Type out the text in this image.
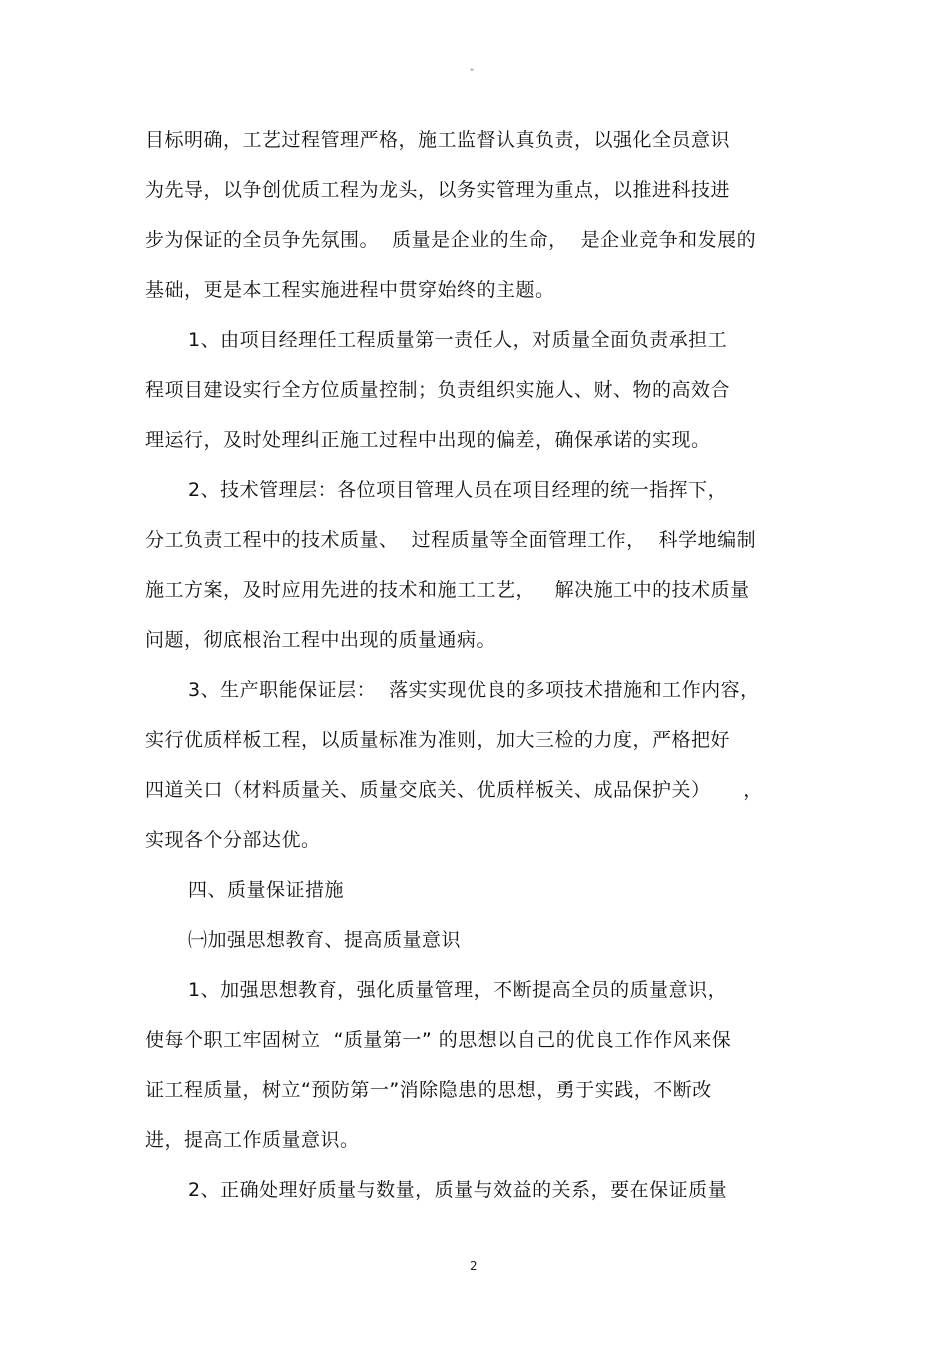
"
目标明确，工艺过程管理严格，施工监督认真负责，以强化全员意识
为先导，以争创优质工程为龙头，以务实管理为重点，以推进科技进
步为保证的全员争先氛围。  质量是企业的生命，  是企业竞争和发展的
基础，更是本工程实施进程中贯穿始终的主题。
1、由项目经理任工程质量第一责任人，对质量全面负责承担工
程项目建设实行全方位质量控制；负责组织实施人、财、物的高效合
理运行，及时处理纠正施工过程中出现的偏差，确保承诺的实现。
2、技术管理层：各位项目管理人员在项目经理的统一指挥下，
分工负责工程中的技术质量、  过程质量等全面管理工作，  科学地编制
施工方案，及时应用先进的技术和施工工艺，   解决施工中的技术质量
问题，彻底根治工程中出现的质量通病。
3、生产职能保证层：  落实实现优良的多项技术措施和工作内容，
实行优质样板工程，以质量标准为准则，加大三检的力度，严格把好
四道关口（材料质量关、质量交底关、优质样板关、成品保护关）     ，
实现各个分部达优。
四、质量保证措施
㈠加强思想教育、提高质量意识
1、加强思想教育，强化质量管理，不断提高全员的质量意识，
使每个职工牢固树立  “质量第一” 的思想以自己的优良工作作风来保
证工程质量，树立“预防第一”消除隐患的思想，勇于实践，不断改
进，提高工作质量意识。
2、正确处理好质量与数量，质量与效益的关系，要在保证质量
2
